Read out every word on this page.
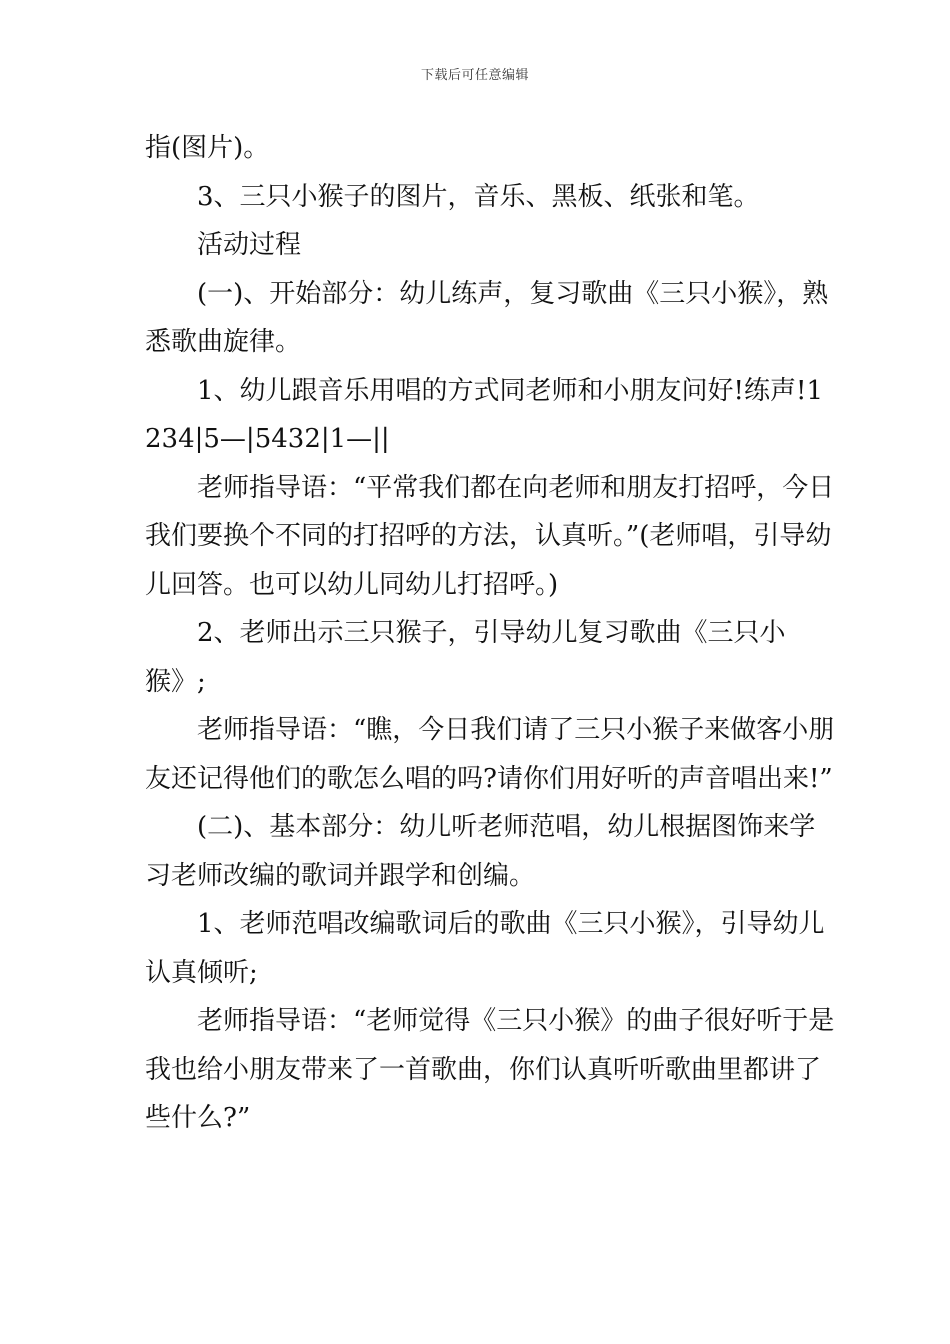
下载后可任意编辑

指(图片)。

3、三只小猴子的图片，音乐、黑板、纸张和笔。

活动过程

(一)、开始部分：幼儿练声，复习歌曲《三只小猴》，熟悉歌曲旋律。

1、幼儿跟音乐用唱的方式同老师和小朋友问好!练声!1234|5—|5432|1—||

老师指导语：“平常我们都在向老师和朋友打招呼，今日我们要换个不同的打招呼的方法，认真听。”(老师唱，引导幼儿回答。也可以幼儿同幼儿打招呼。)

2、老师出示三只猴子，引导幼儿复习歌曲《三只小猴》;

老师指导语：“瞧，今日我们请了三只小猴子来做客小朋友还记得他们的歌怎么唱的吗?请你们用好听的声音唱出来!”

(二)、基本部分：幼儿听老师范唱，幼儿根据图饰来学习老师改编的歌词并跟学和创编。

1、老师范唱改编歌词后的歌曲《三只小猴》，引导幼儿认真倾听;

老师指导语：“老师觉得《三只小猴》的曲子很好听于是我也给小朋友带来了一首歌曲，你们认真听听歌曲里都讲了些什么?”
